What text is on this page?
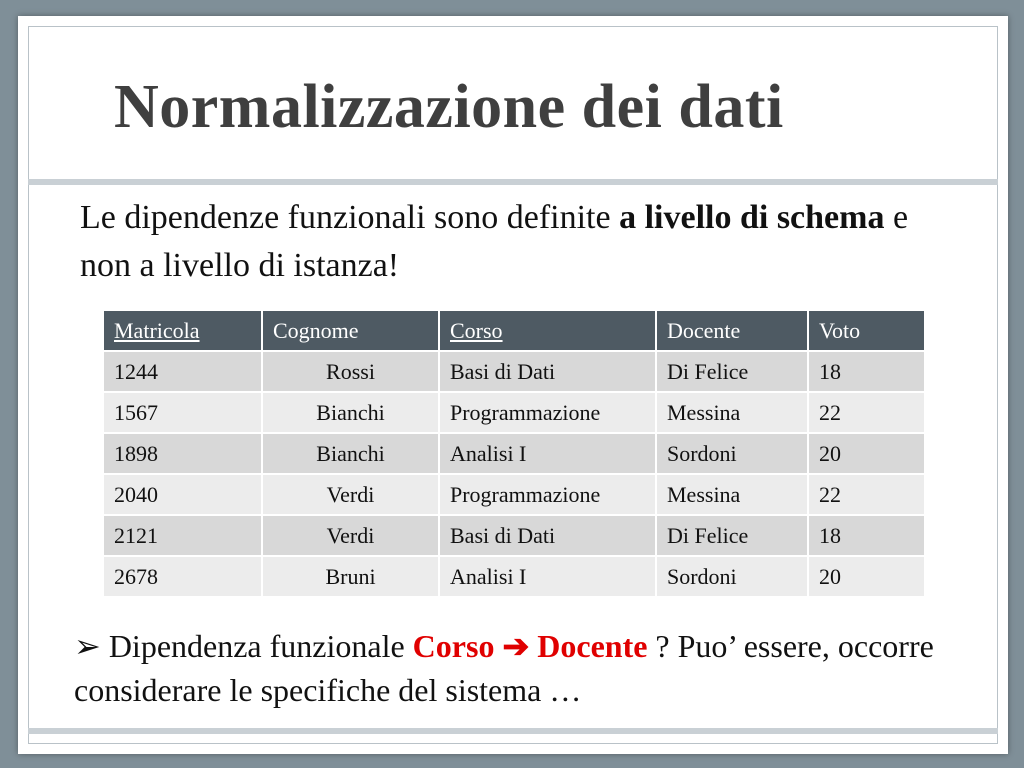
Normalizzazione dei dati
Le dipendenze funzionali sono definite a livello di schema e non a livello di istanza!
Matricola	Cognome	Corso	Docente	Voto
1244	Rossi	Basi di Dati	Di Felice	18
1567	Bianchi	Programmazione	Messina	22
1898	Bianchi	Analisi I	Sordoni	20
2040	Verdi	Programmazione	Messina	22
2121	Verdi	Basi di Dati	Di Felice	18
2678	Bruni	Analisi I	Sordoni	20
➢ Dipendenza funzionale Corso ➔ Docente ? Puo’ essere, occorre considerare le specifiche del sistema …
